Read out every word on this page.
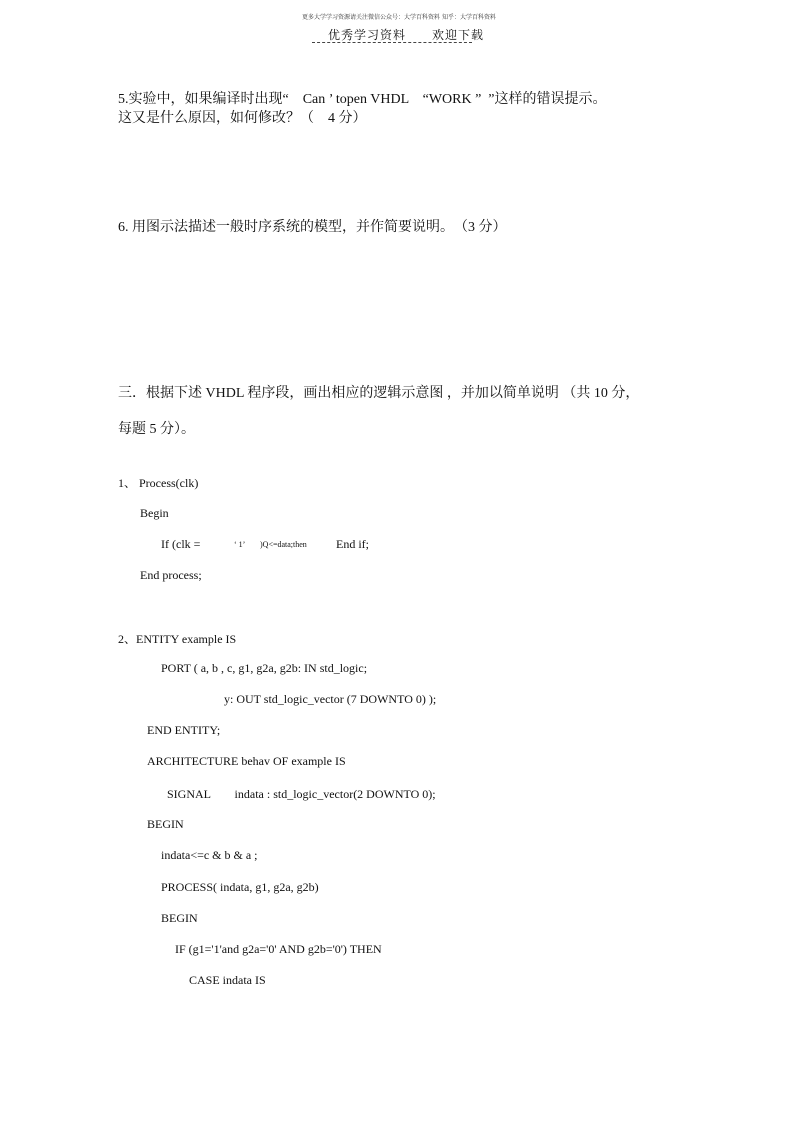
更多大学学习资源请关注微信公众号：大学百科资料 知乎：大学百科资料
优秀学习资料　　欢迎下载
5.实验中，如果编译时出现“　Can ’ topen VHDL　“WORK ”  ”这样的错误提示。
这又是什么原因，如何修改？（　4 分）
6. 用图示法描述一般时序系统的模型，并作简要说明。　（3 分）
三．根据下述 VHDL 程序段，画出相应的逻辑示意图 ，并加以简单说明 （共 10 分，
每题 5 分）。
1、 Process(clk)
Begin
If (clk =	‘ 1’ )Q<=data;then End if;
End process;
2、ENTITY example IS
PORT ( a, b , c, g1, g2a, g2b: IN std_logic;
y: OUT std_logic_vector (7 DOWNTO 0) );
END ENTITY;
ARCHITECTURE behav OF example IS
SIGNAL　　indata : std_logic_vector(2 DOWNTO 0);
BEGIN
indata<=c & b & a ;
PROCESS( indata, g1, g2a, g2b)
BEGIN
IF (g1='1'and g2a='0' AND g2b='0') THEN
CASE indata IS
